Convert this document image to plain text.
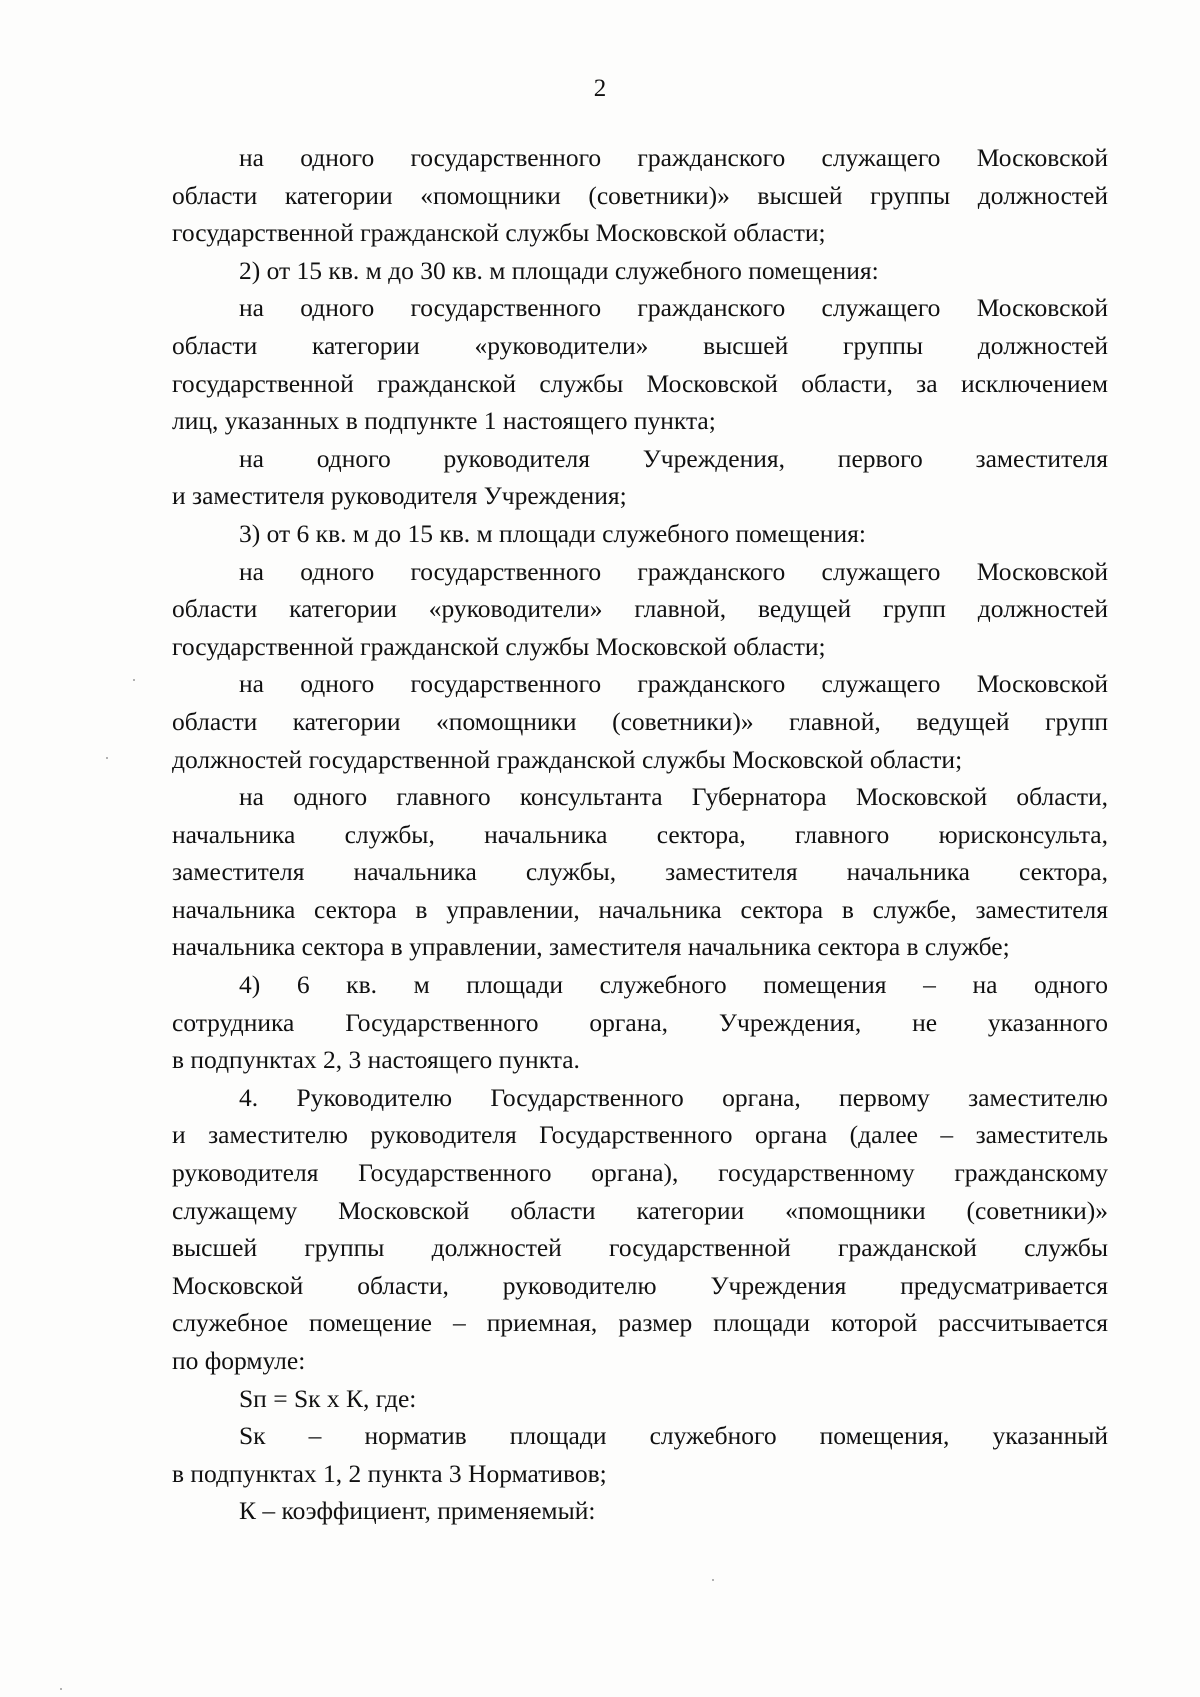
2

на одного государственного гражданского служащего Московской
области категории «помощники (советники)» высшей группы должностей
государственной гражданской службы Московской области;

2) от 15 кв. м до 30 кв. м площади служебного помещения:

на одного государственного гражданского служащего Московской
области категории «руководители» высшей группы должностей
государственной гражданской службы Московской области, за исключением
лиц, указанных в подпункте 1 настоящего пункта;

на одного руководителя Учреждения, первого заместителя
и заместителя руководителя Учреждения;

3) от 6 кв. м до 15 кв. м площади служебного помещения:

на одного государственного гражданского служащего Московской
области категории «руководители» главной, ведущей групп должностей
государственной гражданской службы Московской области;

на одного государственного гражданского служащего Московской
области категории «помощники (советники)» главной, ведущей групп
должностей государственной гражданской службы Московской области;

на одного главного консультанта Губернатора Московской области,
начальника службы, начальника сектора, главного юрисконсульта,
заместителя начальника службы, заместителя начальника сектора,
начальника сектора в управлении, начальника сектора в службе, заместителя
начальника сектора в управлении, заместителя начальника сектора в службе;

4) 6 кв. м площади служебного помещения – на одного
сотрудника Государственного органа, Учреждения, не указанного
в подпунктах 2, 3 настоящего пункта.

4. Руководителю Государственного органа, первому заместителю
и заместителю руководителя Государственного органа (далее – заместитель
руководителя Государственного органа), государственному гражданскому
служащему Московской области категории «помощники (советники)»
высшей группы должностей государственной гражданской службы
Московской области, руководителю Учреждения предусматривается
служебное помещение – приемная, размер площади которой рассчитывается
по формуле:

Sп = Sк х К, где:

Sк – норматив площади служебного помещения, указанный
в подпунктах 1, 2 пункта 3 Нормативов;

К – коэффициент, применяемый:
